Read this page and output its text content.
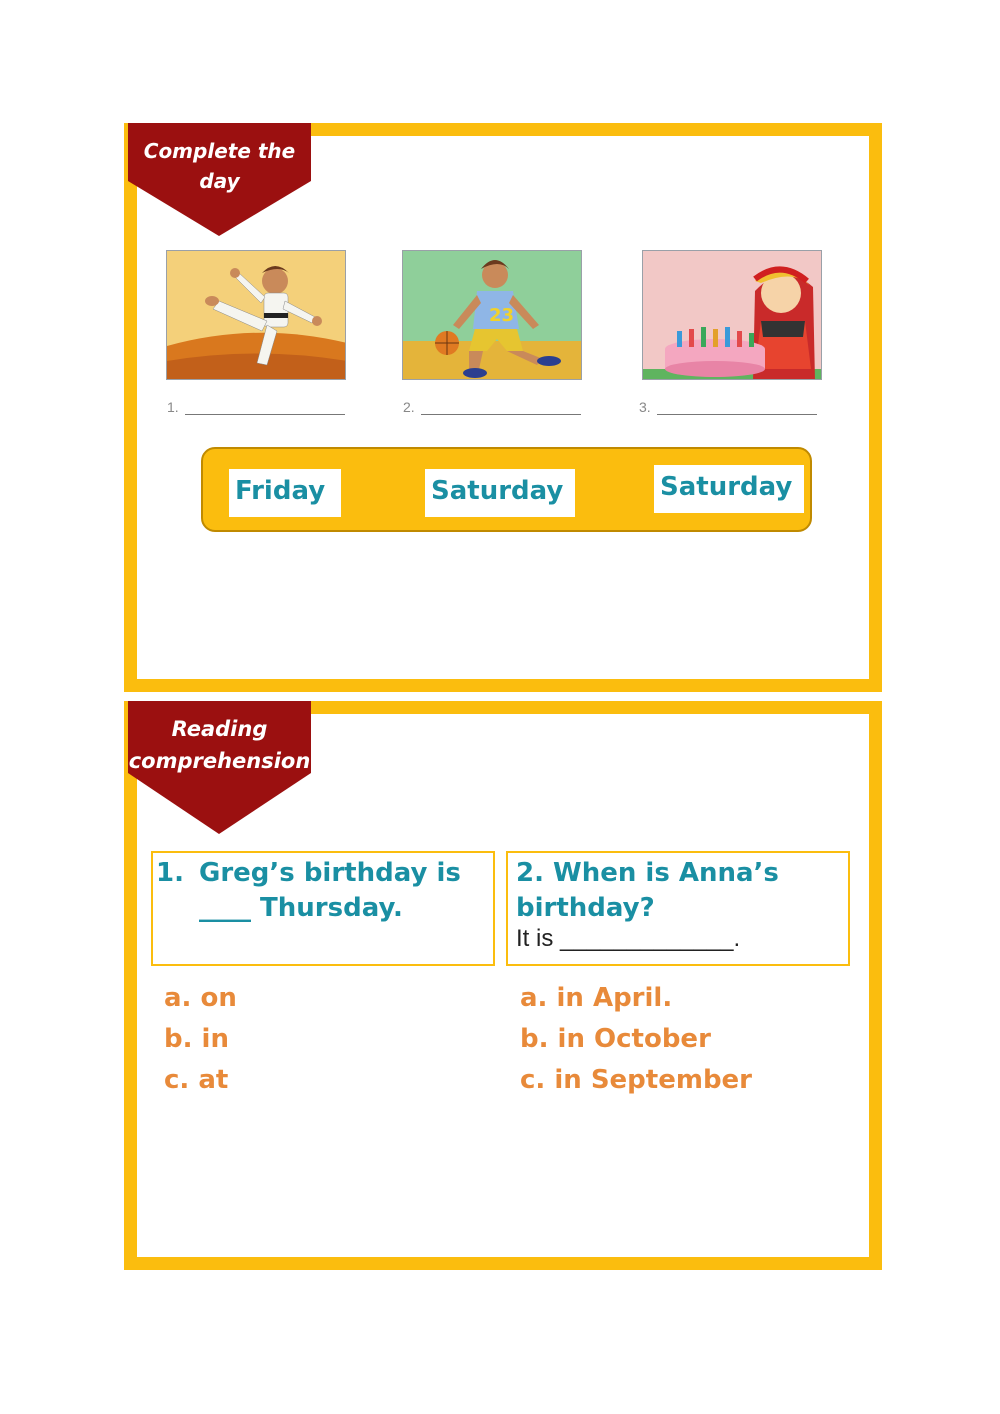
Complete the
day
23
1.	2.	3.
Friday	Saturday	Saturday
Reading
comprehension
1. Greg’s birthday is
____ Thursday.
2. When is Anna’s
birthday?
It is _____________.
a. on
b. in
c. at
a. in April.
b. in October
c. in September
